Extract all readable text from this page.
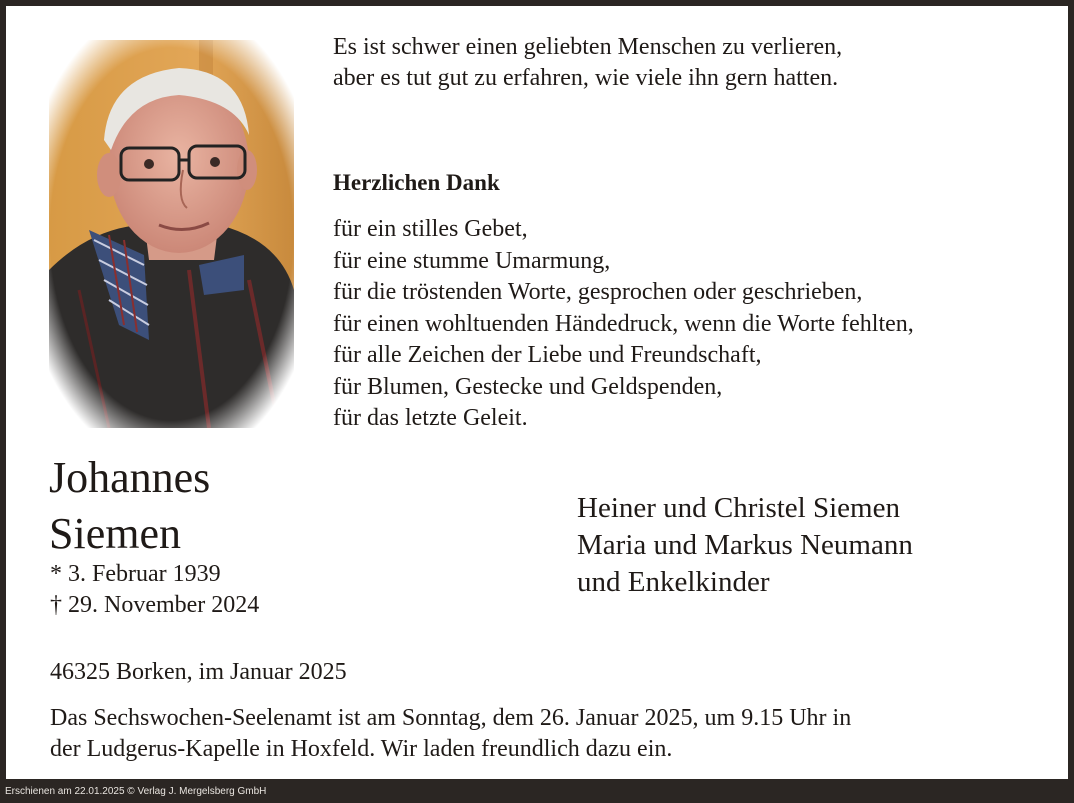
Es ist schwer einen geliebten Menschen zu verlieren,
aber es tut gut zu erfahren, wie viele ihn gern hatten.

Herzlichen Dank
für ein stilles Gebet,
für eine stumme Umarmung,
für die tröstenden Worte, gesprochen oder geschrieben,
für einen wohltuenden Händedruck, wenn die Worte fehlten,
für alle Zeichen der Liebe und Freundschaft,
für Blumen, Gestecke und Geldspenden,
für das letzte Geleit.
Johannes
Siemen
* 3. Februar 1939
† 29. November 2024
Heiner und Christel Siemen
Maria und Markus Neumann
und Enkelkinder
46325 Borken, im Januar 2025

Das Sechswochen-Seelenamt ist am Sonntag, dem 26. Januar 2025, um 9.15 Uhr in
der Ludgerus-Kapelle in Hoxfeld. Wir laden freundlich dazu ein.

Erschienen am 22.01.2025 © Verlag J. Mergelsberg GmbH
